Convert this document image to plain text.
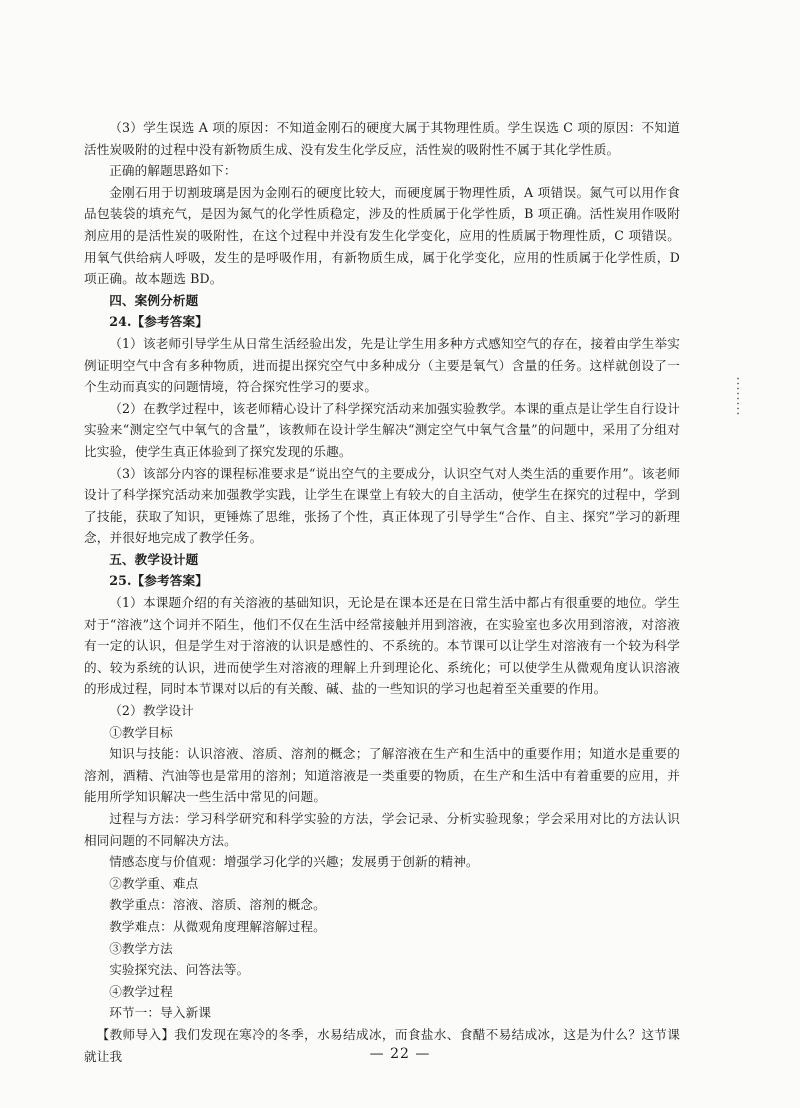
（3）学生误选 A 项的原因：不知道金刚石的硬度大属于其物理性质。学生误选 C 项的原因：不知道活性炭吸附的过程中没有新物质生成、没有发生化学反应，活性炭的吸附性不属于其化学性质。

正确的解题思路如下：

金刚石用于切割玻璃是因为金刚石的硬度比较大，而硬度属于物理性质，A 项错误。氮气可以用作食品包装袋的填充气，是因为氮气的化学性质稳定，涉及的性质属于化学性质，B 项正确。活性炭用作吸附剂应用的是活性炭的吸附性，在这个过程中并没有发生化学变化，应用的性质属于物理性质，C 项错误。用氧气供给病人呼吸，发生的是呼吸作用，有新物质生成，属于化学变化，应用的性质属于化学性质，D 项正确。故本题选 BD。

四、案例分析题

24.【参考答案】

（1）该老师引导学生从日常生活经验出发，先是让学生用多种方式感知空气的存在，接着由学生举实例证明空气中含有多种物质，进而提出探究空气中多种成分（主要是氧气）含量的任务。这样就创设了一个生动而真实的问题情境，符合探究性学习的要求。

（2）在教学过程中，该老师精心设计了科学探究活动来加强实验教学。本课的重点是让学生自行设计实验来“测定空气中氧气的含量”，该教师在设计学生解决“测定空气中氧气含量”的问题中，采用了分组对比实验，使学生真正体验到了探究发现的乐趣。

（3）该部分内容的课程标准要求是“说出空气的主要成分，认识空气对人类生活的重要作用”。该老师设计了科学探究活动来加强教学实践，让学生在课堂上有较大的自主活动，使学生在探究的过程中，学到了技能，获取了知识，更锤炼了思维，张扬了个性，真正体现了引导学生“合作、自主、探究”学习的新理念，并很好地完成了教学任务。

五、教学设计题

25.【参考答案】

（1）本课题介绍的有关溶液的基础知识，无论是在课本还是在日常生活中都占有很重要的地位。学生对于“溶液”这个词并不陌生，他们不仅在生活中经常接触并用到溶液，在实验室也多次用到溶液，对溶液有一定的认识，但是学生对于溶液的认识是感性的、不系统的。本节课可以让学生对溶液有一个较为科学的、较为系统的认识，进而使学生对溶液的理解上升到理论化、系统化；可以使学生从微观角度认识溶液的形成过程，同时本节课对以后的有关酸、碱、盐的一些知识的学习也起着至关重要的作用。

（2）教学设计

①教学目标

知识与技能：认识溶液、溶质、溶剂的概念；了解溶液在生产和生活中的重要作用；知道水是重要的溶剂，酒精、汽油等也是常用的溶剂；知道溶液是一类重要的物质，在生产和生活中有着重要的应用，并能用所学知识解决一些生活中常见的问题。

过程与方法：学习科学研究和科学实验的方法，学会记录、分析实验现象；学会采用对比的方法认识相同问题的不同解决方法。

情感态度与价值观：增强学习化学的兴趣；发展勇于创新的精神。

②教学重、难点

教学重点：溶液、溶质、溶剂的概念。

教学难点：从微观角度理解溶解过程。

③教学方法

实验探究法、问答法等。

④教学过程

环节一：导入新课

【教师导入】我们发现在寒冷的冬季，水易结成冰，而食盐水、食醋不易结成冰，这是为什么？这节课就让我	— 22 —
